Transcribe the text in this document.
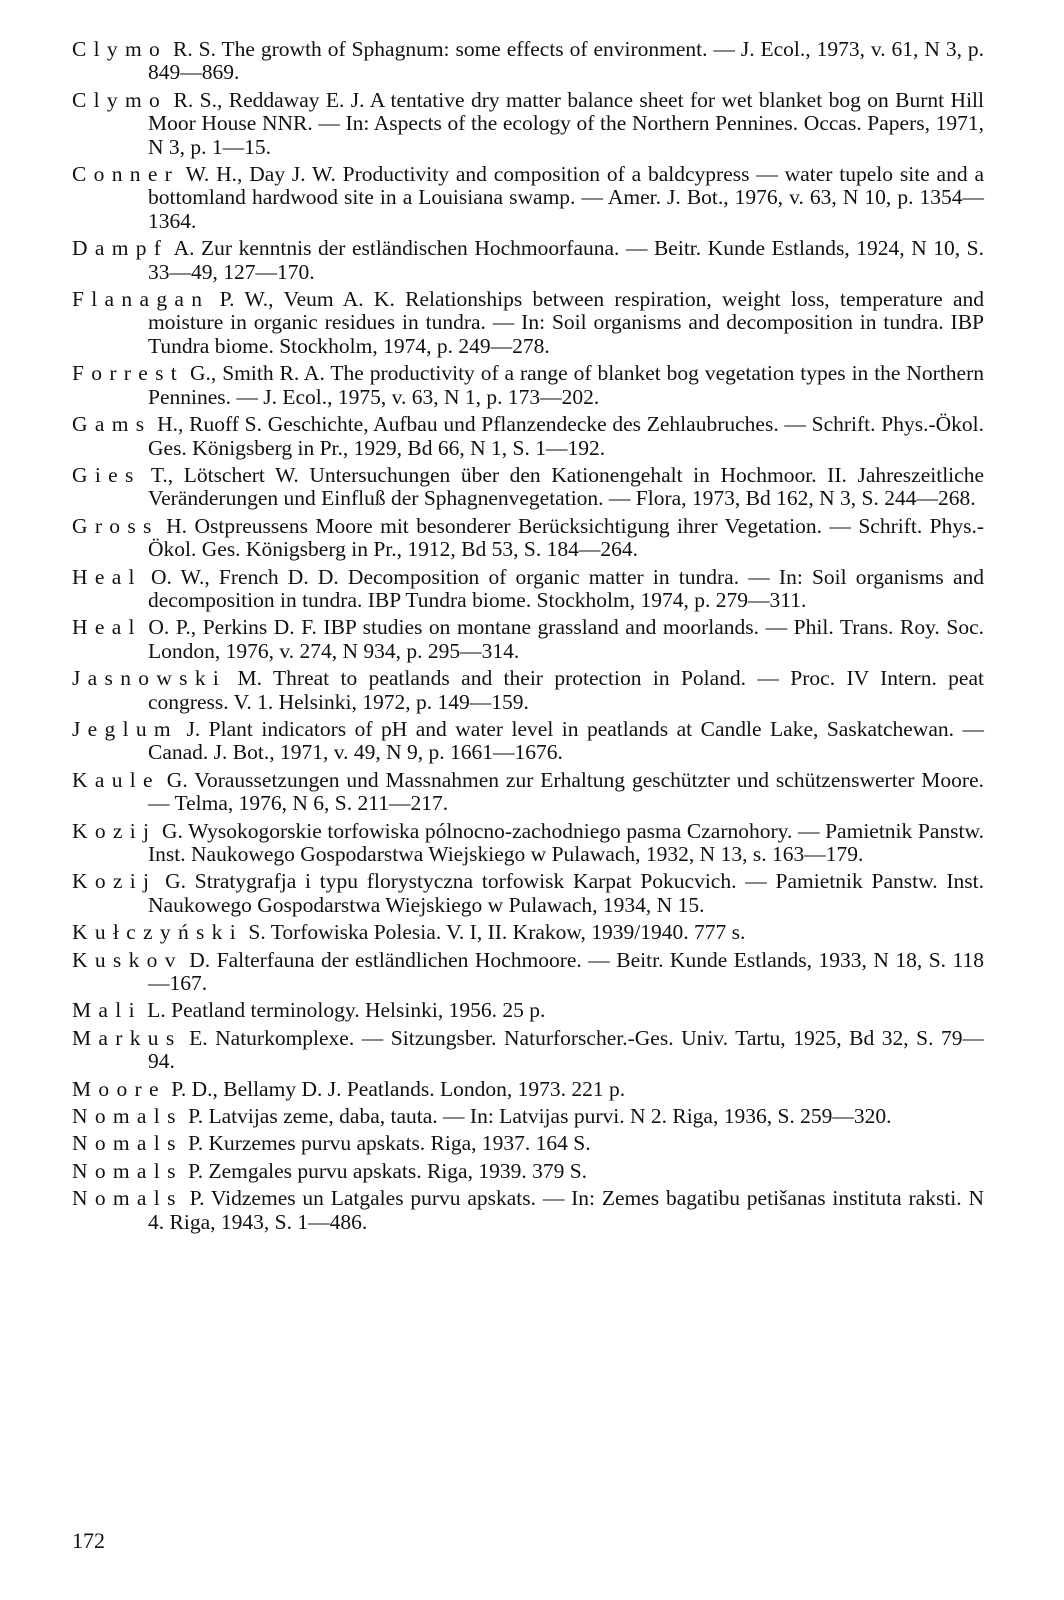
Clymo R. S. The growth of Sphagnum: some effects of environment. — J. Ecol., 1973, v. 61, N 3, p. 849—869.

Clymo R. S., Reddaway E. J. A tentative dry matter balance sheet for wet blanket bog on Burnt Hill Moor House NNR. — In: Aspects of the ecology of the Northern Pennines. Occas. Papers, 1971, N 3, p. 1—15.

Conner W. H., Day J. W. Productivity and composition of a baldcypress — water tupelo site and a bottomland hardwood site in a Louisiana swamp. — Amer. J. Bot., 1976, v. 63, N 10, p. 1354—1364.

Dampf A. Zur kenntnis der estländischen Hochmoorfauna. — Beitr. Kunde Estlands, 1924, N 10, S. 33—49, 127—170.

Flanagan P. W., Veum A. K. Relationships between respiration, weight loss, temperature and moisture in organic residues in tundra. — In: Soil organisms and decomposition in tundra. IBP Tundra biome. Stockholm, 1974, p. 249—278.

Forrest G., Smith R. A. The productivity of a range of blanket bog vegetation types in the Northern Pennines. — J. Ecol., 1975, v. 63, N 1, p. 173—202.

Gams H., Ruoff S. Geschichte, Aufbau und Pflanzendecke des Zehlaubruches. — Schrift. Phys.-Ökol. Ges. Königsberg in Pr., 1929, Bd 66, N 1, S. 1—192.

Gies T., Lötschert W. Untersuchungen über den Kationengehalt in Hochmoor. II. Jahreszeitliche Veränderungen und Einfluß der Sphagnenvegetation. — Flora, 1973, Bd 162, N 3, S. 244—268.

Gross H. Ostpreussens Moore mit besonderer Berücksichtigung ihrer Vegetation. — Schrift. Phys.-Ökol. Ges. Königsberg in Pr., 1912, Bd 53, S. 184—264.

Heal O. W., French D. D. Decomposition of organic matter in tundra. — In: Soil organisms and decomposition in tundra. IBP Tundra biome. Stockholm, 1974, p. 279—311.

Heal O. P., Perkins D. F. IBP studies on montane grassland and moorlands. — Phil. Trans. Roy. Soc. London, 1976, v. 274, N 934, p. 295—314.

Jasnowski M. Threat to peatlands and their protection in Poland. — Proc. IV Intern. peat congress. V. 1. Helsinki, 1972, p. 149—159.

Jeglum J. Plant indicators of pH and water level in peatlands at Candle Lake, Saskatchewan. — Canad. J. Bot., 1971, v. 49, N 9, p. 1661—1676.

Kaule G. Voraussetzungen und Massnahmen zur Erhaltung geschützter und schützenswerter Moore. — Telma, 1976, N 6, S. 211—217.

Kozij G. Wysokogorskie torfowiska pólnocno-zachodniego pasma Czarnohory. — Pamietnik Panstw. Inst. Naukowego Gospodarstwa Wiejskiego w Pulawach, 1932, N 13, s. 163—179.

Kozij G. Stratygrafja i typu florystyczna torfowisk Karpat Pokucvich. — Pamietnik Panstw. Inst. Naukowego Gospodarstwa Wiejskiego w Pulawach, 1934, N 15.

Kułczyński S. Torfowiska Polesia. V. I, II. Krakow, 1939/1940. 777 s.

Kuskov D. Falterfauna der estländlichen Hochmoore. — Beitr. Kunde Estlands, 1933, N 18, S. 118—167.

Mali L. Peatland terminology. Helsinki, 1956. 25 p.

Markus E. Naturkomplexe. — Sitzungsber. Naturforscher.-Ges. Univ. Tartu, 1925, Bd 32, S. 79—94.

Moore P. D., Bellamy D. J. Peatlands. London, 1973. 221 p.

Nomals P. Latvijas zeme, daba, tauta. — In: Latvijas purvi. N 2. Riga, 1936, S. 259—320.

Nomals P. Kurzemes purvu apskats. Riga, 1937. 164 S.

Nomals P. Zemgales purvu apskats. Riga, 1939. 379 S.

Nomals P. Vidzemes un Latgales purvu apskats. — In: Zemes bagatibu petišanas instituta raksti. N 4. Riga, 1943, S. 1—486.

172
